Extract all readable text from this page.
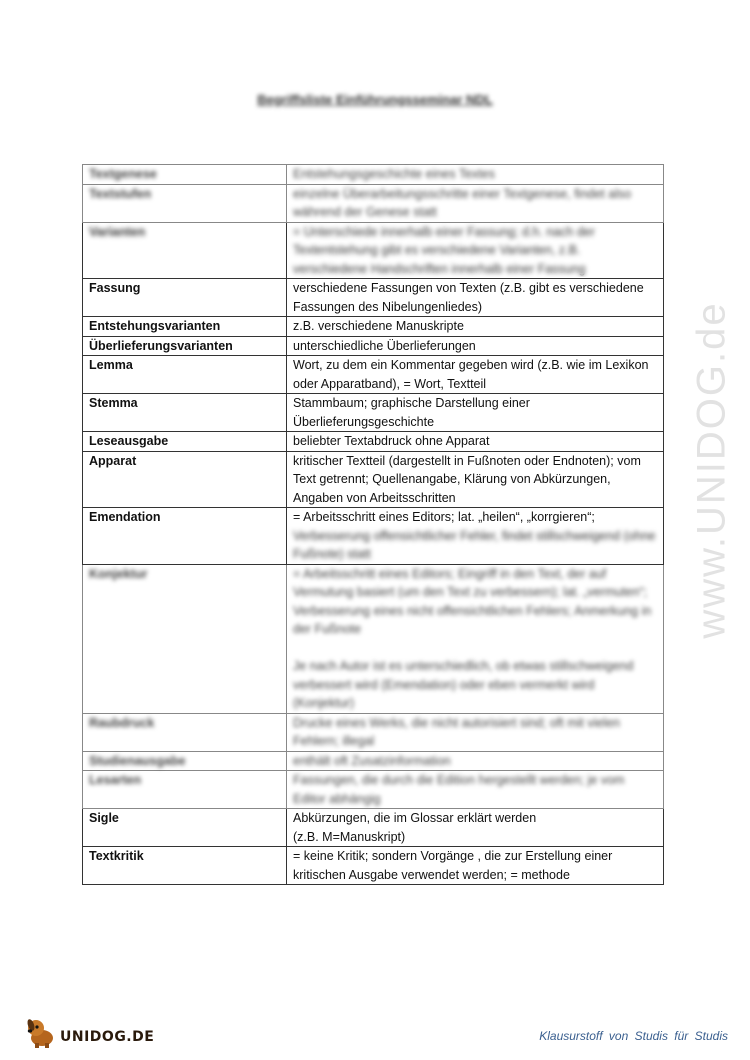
Begriffsliste Einführungsseminar NDL
Textgenese	Entstehungsgeschichte eines Textes
Textstufen	einzelne Überarbeitungsschritte einer Textgenese, findet also während der Genese statt
Varianten	= Unterschiede innerhalb einer Fassung; d.h. nach der Textentstehung gibt es verschiedene Varianten, z.B. verschiedene Handschriften innerhalb einer Fassung

Fassung	verschiedene Fassungen von Texten (z.B. gibt es verschiedene Fassungen des Nibelungenliedes)
Entstehungsvarianten	z.B. verschiedene Manuskripte
Überlieferungsvarianten	unterschiedliche Überlieferungen
Lemma	Wort, zu dem ein Kommentar gegeben wird (z.B. wie im Lexikon oder Apparatband), = Wort, Textteil
Stemma	Stammbaum; graphische Darstellung einer Überlieferungsgeschichte
Leseausgabe	beliebter Textabdruck ohne Apparat
Apparat	kritischer Textteil (dargestellt in Fußnoten oder Endnoten); vom Text getrennt; Quellenangabe, Klärung von Abkürzungen, Angaben von Arbeitsschritten
Emendation	= Arbeitsschritt eines Editors; lat. „heilen“, „korrgieren“; Verbesserung offensichtlicher Fehler, findet stillschweigend (ohne Fußnote) statt

Konjektur	= Arbeitsschritt eines Editors; Eingriff in den Text, der auf Vermutung basiert (um den Text zu verbessern); lat. „vermuten“; Verbesserung eines nicht offensichtlichen Fehlers; Anmerkung in der Fußnote

Je nach Autor ist es unterschiedlich, ob etwas stillschweigend verbessert wird (Emendation) oder eben vermerkt wird (Konjektur)
Raubdruck	Drucke eines Werks, die nicht autorisiert sind; oft mit vielen Fehlern; illegal
Studienausgabe	enthält oft Zusatzinformation
Lesarten	Fassungen, die durch die Edition hergestellt werden; je vom Editor abhängig
Sigle	Abkürzungen, die im Glossar erklärt werden
(z.B. M=Manuskript)
Textkritik	= keine Kritik; sondern Vorgänge , die zur Erstellung einer kritischen Ausgabe verwendet werden; = methode
www.UNIDOG.de
UNIDOG.DE	Klausurstoff von Studis für Studis
